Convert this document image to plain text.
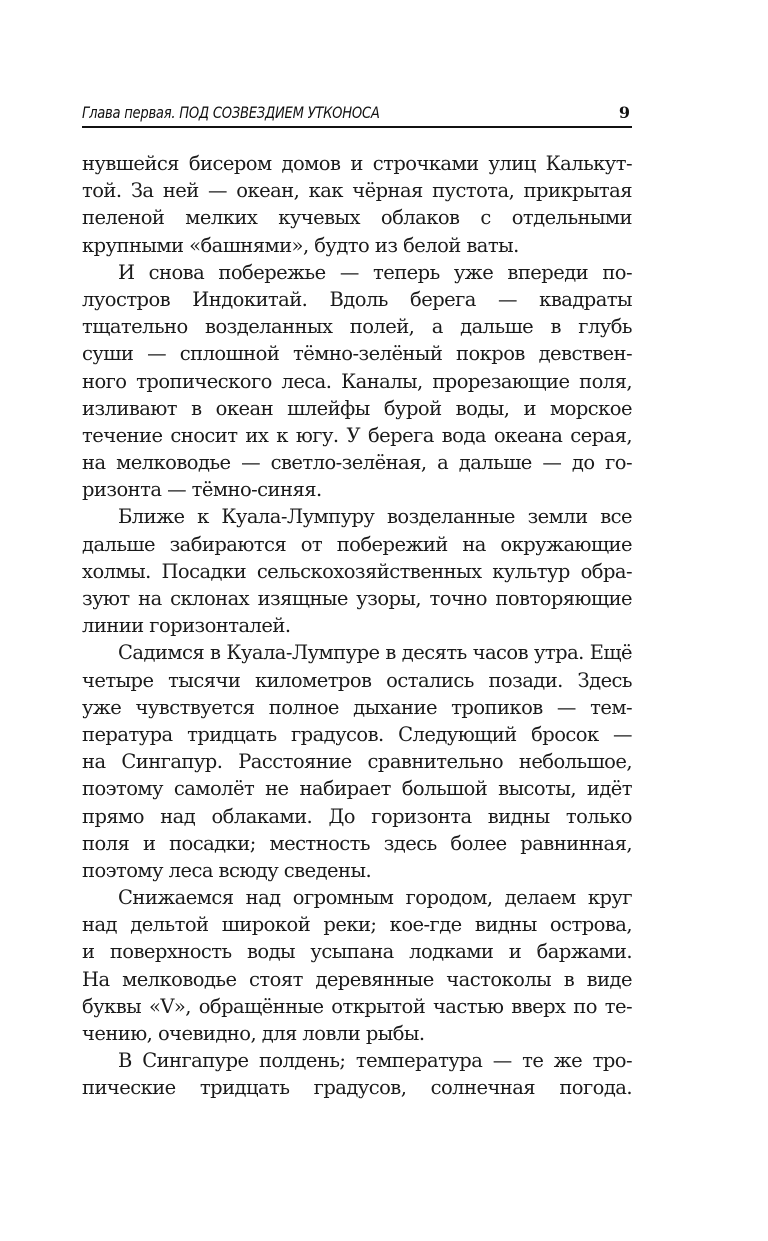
Глава первая. ПОД СОЗВЕЗДИЕМ УТКОНОСА	9
нувшейся бисером домов и строчками улиц Калькут-
той. За ней — океан, как чёрная пустота, прикрытая
пеленой мелких кучевых облаков с отдельными
крупными «башнями», будто из белой ваты.
И снова побережье — теперь уже впереди по-
луостров Индокитай. Вдоль берега — квадраты
тщательно возделанных полей, а дальше в глубь
суши — сплошной тёмно-зелёный покров девствен-
ного тропического леса. Каналы, прорезающие поля,
изливают в океан шлейфы бурой воды, и морское
течение сносит их к югу. У берега вода океана серая,
на мелководье — светло-зелёная, а дальше — до го-
ризонта — тёмно-синяя.
Ближе к Куала-Лумпуру возделанные земли все
дальше забираются от побережий на окружающие
холмы. Посадки сельскохозяйственных культур обра-
зуют на склонах изящные узоры, точно повторяющие
линии горизонталей.
Садимся в Куала-Лумпуре в десять часов утра. Ещё
четыре тысячи километров остались позади. Здесь
уже чувствуется полное дыхание тропиков — тем-
пература тридцать градусов. Следующий бросок —
на Сингапур. Расстояние сравнительно небольшое,
поэтому самолёт не набирает большой высоты, идёт
прямо над облаками. До горизонта видны только
поля и посадки; местность здесь более равнинная,
поэтому леса всюду сведены.
Снижаемся над огромным городом, делаем круг
над дельтой широкой реки; кое-где видны острова,
и поверхность воды усыпана лодками и баржами.
На мелководье стоят деревянные частоколы в виде
буквы «V», обращённые открытой частью вверх по те-
чению, очевидно, для ловли рыбы.
В Сингапуре полдень; температура — те же тро-
пические тридцать градусов, солнечная погода.
